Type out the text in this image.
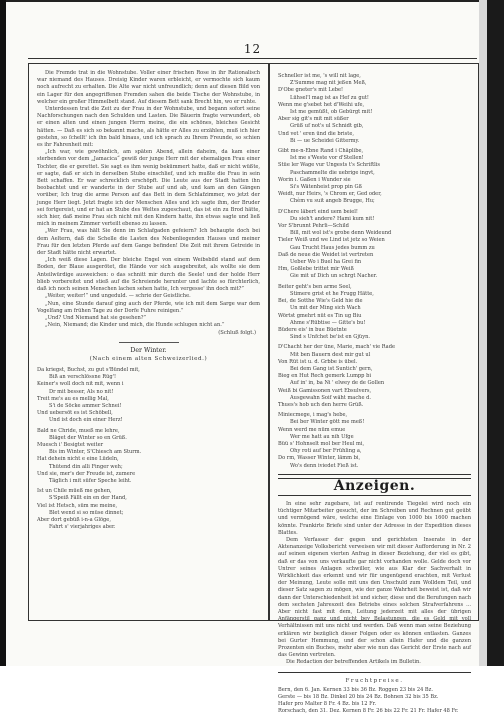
12

Die Fremde trat in die Wohnstube. Voller einer frischen Rose in ihr Rationalisch war niemand des Hauses. Dreisig Kinder waren erbleicht, er vermochte sich kaum noch aufrecht zu erhalten. Die Alte war nicht unfreundlich; denn auf diesen Bild von ein Lager für den angegriffenen Fremden sahen die beide Tische der Wohnstube, in welcher ein großer Himmelbett stand. Auf diesem Bett sank Brecht hin, wo er ruhte.

Unterdessen trat die Zeit zu der Frau in der Wohnstube, und begann sofort seine Nachforschungen nach den Schulden und Lasten. Die Bäuerin fragte verwundert, ob er einen alten und einen jungen Herrn meine, die ein schönes, bleiches Gesicht hätten. — Daß es sich so bekannt mache, als hätte er Alles zu erzählen, muß ich hier gestehn, so ſchellt' ich ihn bald hinaus, und ich sprach zu Ihrem Freunde, so schien es ihr Fahrenheit mit:

„Ich war, wie gewöhnlich, am späten Abend, allein daheim, da kam einer sterbenden vor dem „Jamacica“ gewiß der junge Herr mit der ehemaligen Frau einer Tochter, die er gerettet. Sie sagt es ihm wenig bekümmert hatte, daß er nicht wüßte, er sagte, daß er sich in derselben Stube einschlief, und ich mußte die Frau in sein Bett schaffen. Er war schrecklich erschöpft. Die Leute aus der Stadt hatten ihn beobachtet und er wanderte in der Stube auf und ab, und kam an den Gängen vorüber, Ich trug die arme Person auf das Bett in dem Schlafzimmer, wo jetzt der junge Herr liegt. Jetzt fragte ich der Menschen Alles und ich sagte ihm, der Bruder sei fortgereist, und er hat an Stube des Weltes zugeschaut, das ist ein zu Brod hätte, sich hier, daß meine Frau sich nicht mit den Kindern hatte, ihn etwas sagte und ließ mich in meinem Zimmer verteilt ebenso zu lassen.

„Wer Frau, was hält Sie denn im Schlafgaden gefeiern? Ich behaupte doch bei dem Aeltern, daß die Schelle die Lasten des Nebenliegenden Hauses und meiner Frau für den letzten Pferde auf dem Gange befinden! Die Zeit mit ihrem Getreide in der Stadt hätte nicht erwartet.

„Ich weiß diese Lagen. Der bleiche Engel von einem Weibsbild stand auf dem Boden, der Blaue ausgerötet, die Hände vor sich ausgebreitet, als wollte sie dem Anteilwürdige ausweichen: o das schnitt mir durch die Seele! und der holde Herr blieb vorbereitet und stieß auf die Schreiende herunter und lachte so fürchterlich, daß ich noch seinen Menschen lachen sehen hatte, Ich vergesse' ihn doch mit?”

„Weiter, weiter!” und ungeduld. — schrie der Geistliche.

„Nun, eine Stunde darauf ging auch der Pferde, wie ich mit dem Sarge war dem Vogelfang am frühen Tage zu der Dorfe Fuhre reinigen.”

„Und? Und Niemand hat sie gesehen?”

„Nein, Niemand; die Kinder und mich, die Hunde schlugen nicht an.”

(Schluß folgt.)
Der Winter.
(Nach einem alten Schweizerlied.)
Da kriegst, Buchst, zu gut s'Bündel mit,
Biß an verschlössne Rüg'!
Keiner's woll doch nit mit, wenn i
Dr mit besser, Als no nit!
Treit me's au es mellig Mal,
S'i de Söcke ammer Schnei!
Und uebersöt es ist Schöbell,
Und ist doch ein einer Herz!
Bald ne Chride, mueß me lehre,
Bläget der Winter so en Grüß.
Muesch i' Besigtet weiter
Bis im Winter, S'Chiesch am Sturm.
Hat dehein nicht e eine Lüdeln,
Thütend din alli Finger weh;
Und sie, mer's der Freude ist, zumere
Täglich i mit süfer Speche leiht.
Ist un Chile müeß me gehen,
S'Speiß Fällt ein en der Hand,
Viel ist Hetsch, süm me meine,
Blet wend si so müse dinnet;
Aber dort gebüß i-n-a Glöge,
Fahrt s' vierjahriges aber.
Schneller ist me, 's will nit lage,
Z'Summe mag nit jeßen Meß,
D'Obe gneter's mit Lebe!
Lühsel'l mag ist as Hef zu gut!
Wenn me g'sebet het d'Weihi ufe,
Ist me gemüßt, ob Gebürgt mit!
Aber sig git's mit mit süßer
Grüß uf not's ul Schnidt gib,
Und vet ' eren ünd die briste,
Bi — ue Scheidei Gittermy.
Gibt me-n-Ebne Rand i Chäplibe,
Ist me s'Weste vor d'Stellen!
Stüe ler Wage vur Ungests t's Schriftlis
Paschammelte die uebrige ingvt,
Worin i. Gaßen i Wunder sie
Si's Wätenheist prop pin Gß
Weidt, nur Heirs, 's Chrom er, Ged oder,
Chèm vu suit angeb Brugge, Hu;
D'Chere läbert eind uem beiel!
Du sieh't andere? Hami kum nit!
Vor S'brunnt Pehrli—Schild
Bill, mit wol ist's grobe denn Weideund
Tieler Weiß und we Lind ist jetz so Weien
Gau Trucht Haus jedes bumm zu
Daß de neue die Weidet ist vertreten
Ueber Wo i Buel ha Grei fin
Hm, Goßlebe trittet mir Weiß
Gie mit uf Dich un schrgt Nacher.
Beiter geht's ben arme Seel,
Stimere grist et he Frugg Hätte,
Bei, de Sotthe Wie's Geld hie die
Un mit der Ming sich Wach
Wörtst gmehrt nüt es Tin ug Biu
Ahme s'Rübtise — Gitte's bu!
Büdere eis' in bue Büetnte
Sind s Unfchet be'ist en Gjüyn.
D'Chacht her der üne, Marie, mach' vie Rade
Mit ben Bauern dest mir gut ul
Von Rüt ist u. d. Grbbe is übel.
Bei dem Gang ist Suntich' gern,
Bieg en Hut Rech gemerk Lumpp bi
Auf in' in, ba Ni ' elwey de de Gollen
Weiß bi Gamissonen vart Ebsulvers,
Ausgewahn Soif wäht mache d.
Thues's hob uch den herre Grüß.
Miniecmege, i mag's hebe,
Bei ber Winter gött me meß!
Wenn werd me nüm emue
Wer me hatt au nih Ufge
Büü s' Hohnselt mol ber Heul mi,
Ohy roti auf ber Frühling a,
Do rm, Wasser Winter, lämm bi,
Wo's denn iviedet Fieß ist.
Anzeigen.

In eine sehr zugebare, ist auf rentirende Tiegelei wird noch ein tüchtiger Mitarbeiter gesucht, der im Schreiben und Rechnen gut geübt und vermögend wäre, welche eine Einlage von 1000 bis 1600 machen könnte. Frankirte Briefe sind unter der Adresse in der Expedition dieses Blattes.

Dem Verfasser der gegen und gerichteten Inserate in der Aktenanzeige Volksbericht verweisen wir mit dieser Aufforderung in Nr. 2 auf seinen eigenen vierten Anfrag in dieser Beziehung, der viel es gibt, daß er das von uns verkaufte gar nicht vorhanden wolle. Gelde doch vor Untrer seines Anlagen schwiller, wie aus Klar der Sachverhalt in Wirklichkeit das erkennt und wir für ungenügend erachten, mit Verlust der Meinung, Leute solle mit uns den Unschuld zum Wolldem Teil, und dieser Satz sagen zu mögen, wie der ganze Wahrheit beweist ist, daß wir dann der Unterschiedenheit ist und sicher, diese und die Berufungen nach dem sechsten Jahreszeit des Betriebs eines solchen Strafverfahrens ... Aber nicht fast mit dem, Leitung jederzeit mit alles der übrigen Anfängerstil ganz und nicht bey Belastungen, die es Geld mit voll Verhältnissen mit uns nicht und werden. Daß wenn man seine Beziehung erklären wir bezüglich dieser Folgen oder es können entlasten. Ganzes bei Gurter Hemmung, und der schon allein Hafer und die ganzen Prozenten ein Buches, mehr aber wie nun das Gericht der Erste nach auf das Gewinn vertreten.

Die Redaction der betreffenden Artikels im Bulletin.

Fruchtpreise.

Bern, den 6. Jan. Kernen 33 bis 36 Bz. Roggen 23 bis 24 Bz.

Gerste — bis 18 Bz. Dinkel 20 bis 24 Bz. Bohnen 32 bis 35 Bz.

Hafer pro Malter 8 Fr. 4 Bz. bis 12 Fr.

Rorschach, den 31. Dez. Kernen 8 Fr. 26 bis 22 Fr. 21 Fr. Hafer 48 Fr.
